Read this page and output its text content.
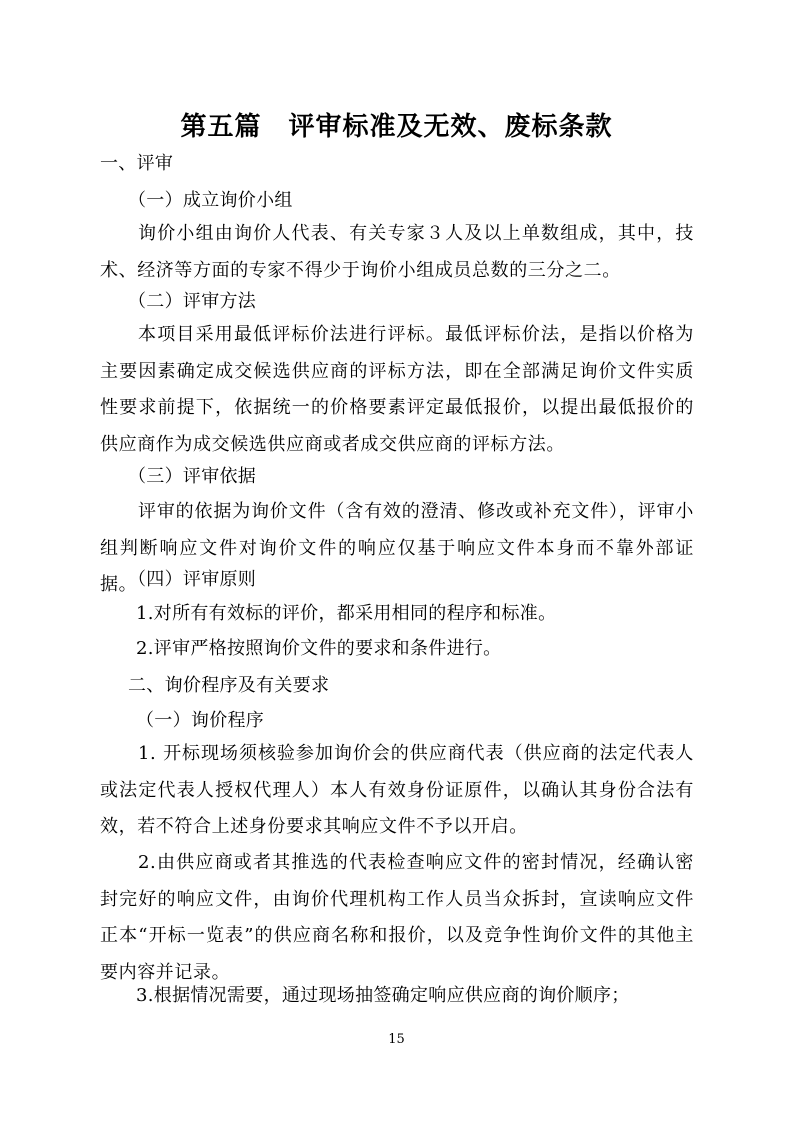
第五篇　评审标准及无效、废标条款
一、评审
（一）成立询价小组
询价小组由询价人代表、有关专家３人及以上单数组成，其中，技术、经济等方面的专家不得少于询价小组成员总数的三分之二。
（二）评审方法
本项目采用最低评标价法进行评标。最低评标价法，是指以价格为主要因素确定成交候选供应商的评标方法，即在全部满足询价文件实质性要求前提下，依据统一的价格要素评定最低报价，以提出最低报价的供应商作为成交候选供应商或者成交供应商的评标方法。
（三）评审依据
评审的依据为询价文件（含有效的澄清、修改或补充文件），评审小组判断响应文件对询价文件的响应仅基于响应文件本身而不靠外部证据。
（四）评审原则
1.对所有有效标的评价，都采用相同的程序和标准。
2.评审严格按照询价文件的要求和条件进行。
二、询价程序及有关要求
（一）询价程序
1. 开标现场须核验参加询价会的供应商代表（供应商的法定代表人或法定代表人授权代理人）本人有效身份证原件，以确认其身份合法有效，若不符合上述身份要求其响应文件不予以开启。
2.由供应商或者其推选的代表检查响应文件的密封情况，经确认密封完好的响应文件，由询价代理机构工作人员当众拆封，宣读响应文件正本“开标一览表”的供应商名称和报价，以及竞争性询价文件的其他主要内容并记录。
3.根据情况需要，通过现场抽签确定响应供应商的询价顺序；
15
